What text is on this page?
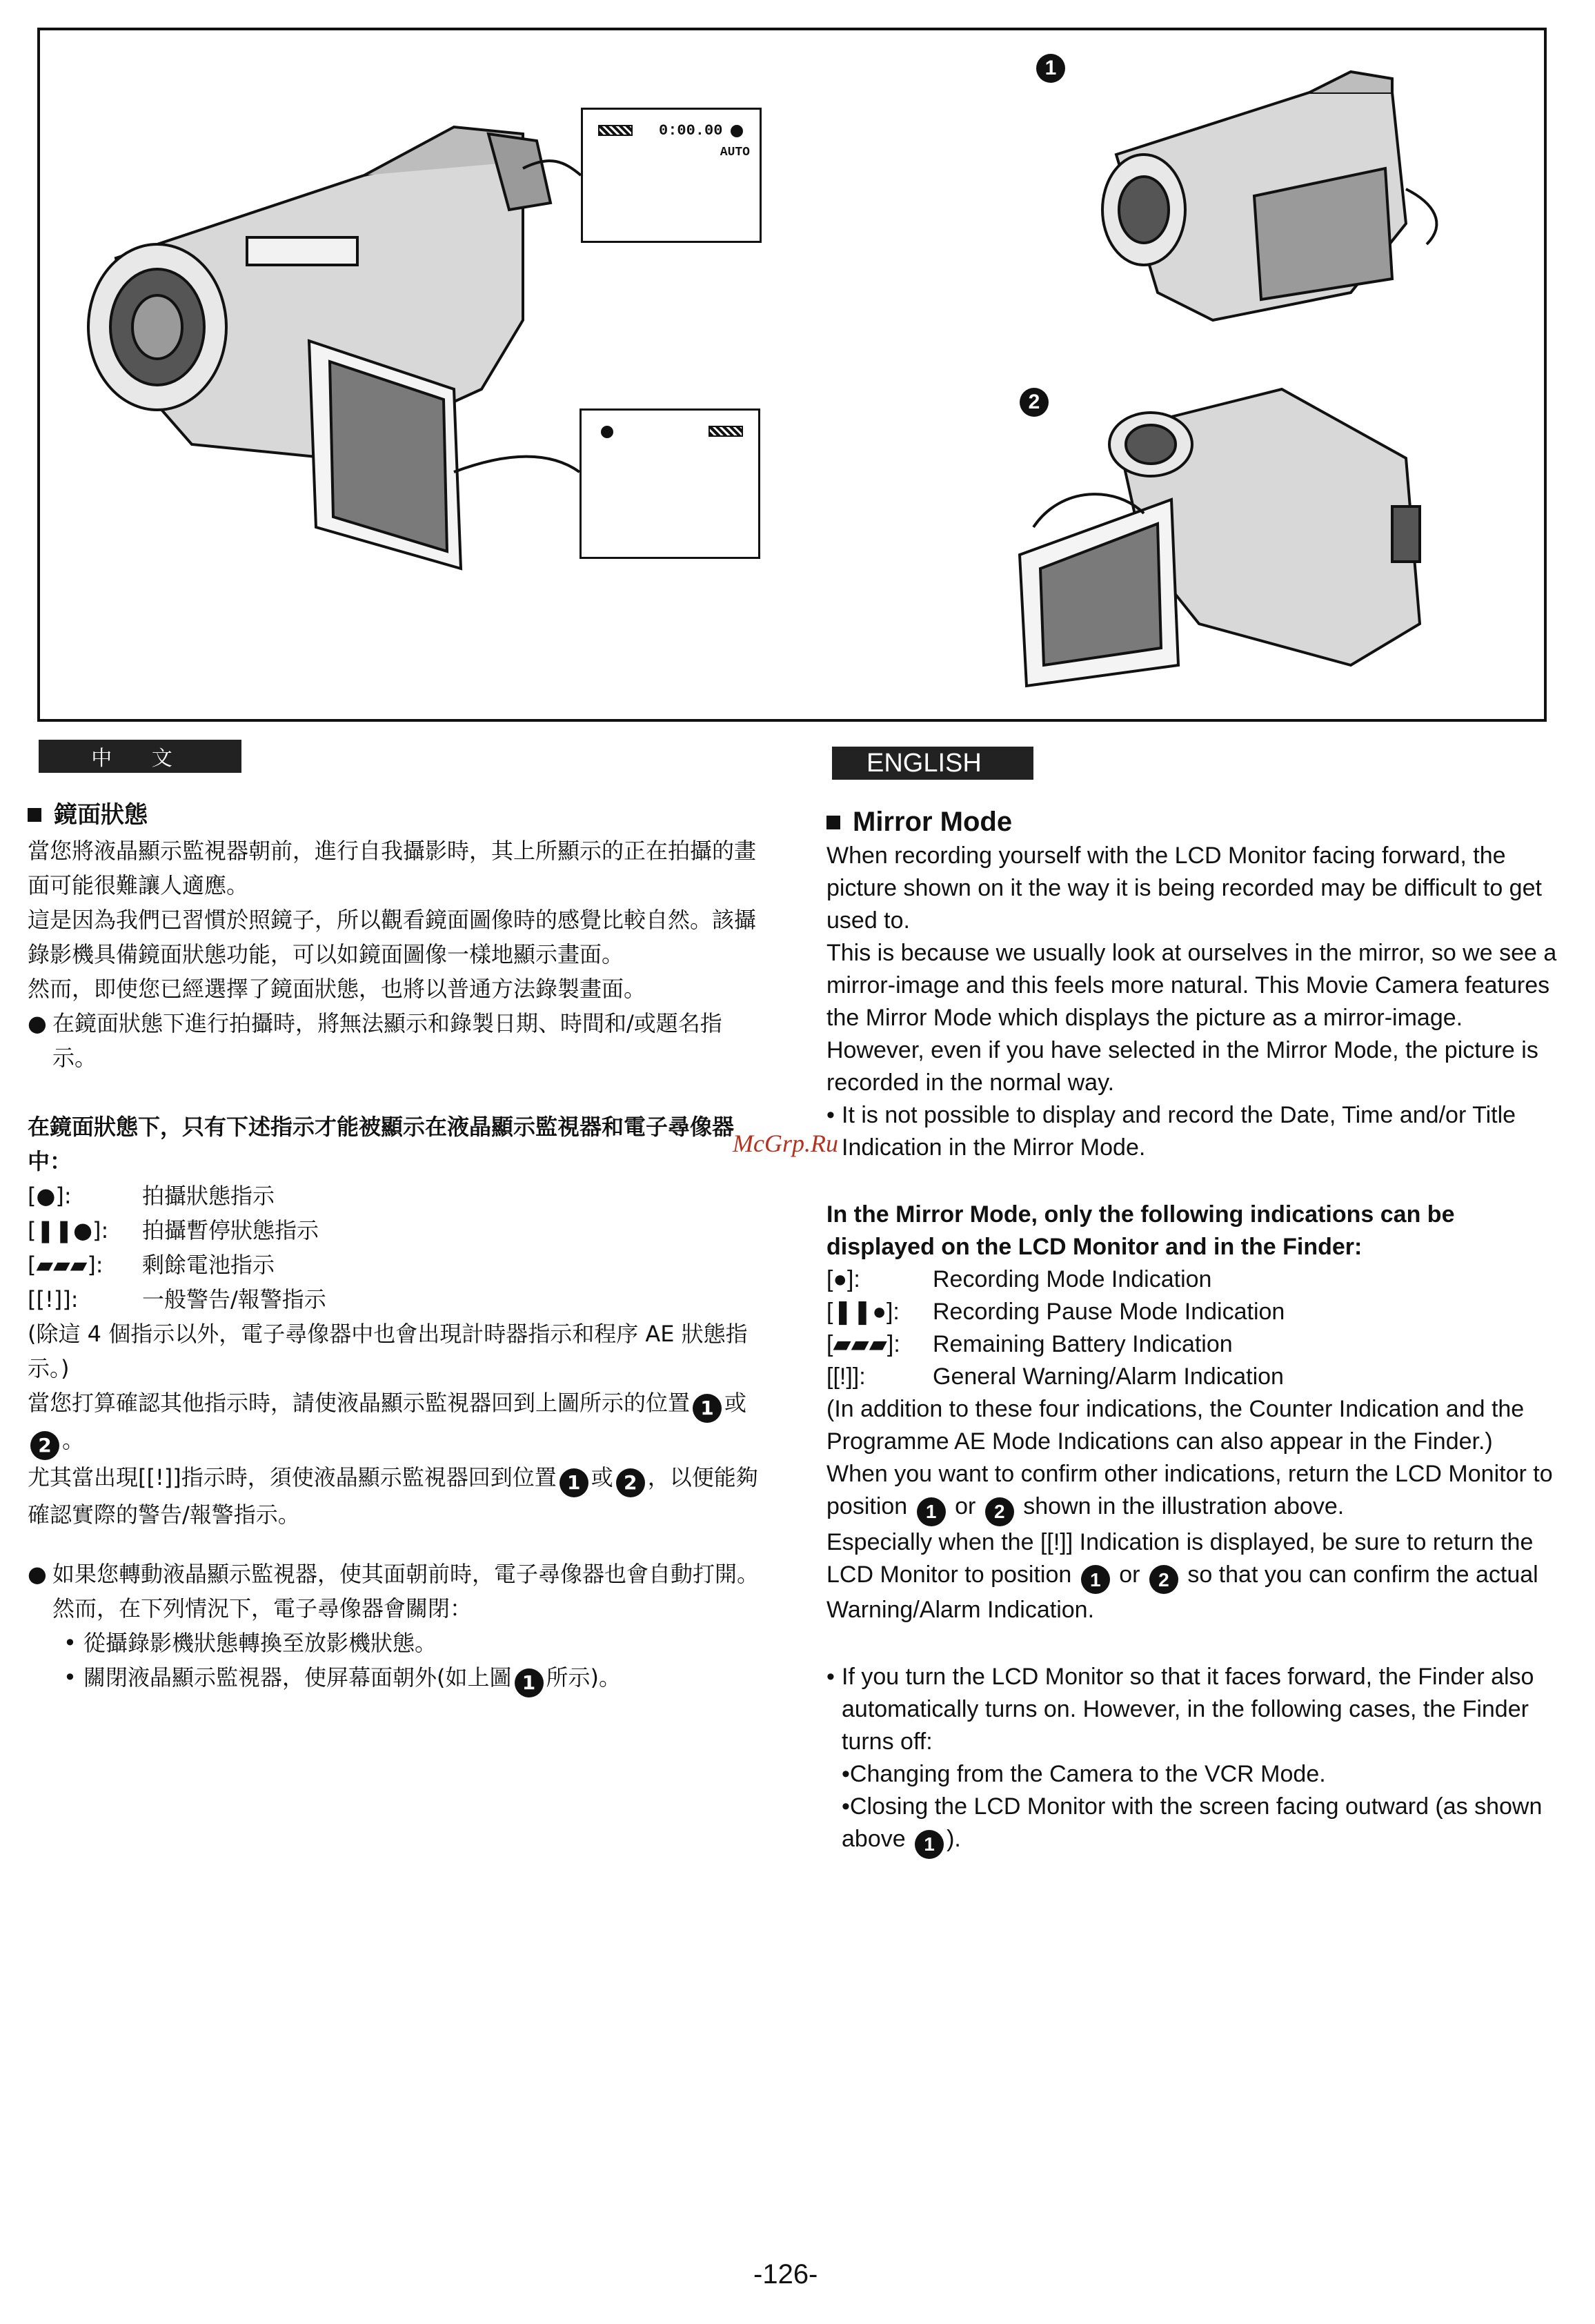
0:00.00
AUTO
1
2
中 文	ENGLISH
鏡面狀態

當您將液晶顯示監視器朝前，進行自我攝影時，其上所顯示的正在拍攝的畫面可能很難讓人適應。

這是因為我們已習慣於照鏡子，所以觀看鏡面圖像時的感覺比較自然。該攝錄影機具備鏡面狀態功能，可以如鏡面圖像一樣地顯示畫面。

然而，即使您已經選擇了鏡面狀態，也將以普通方法錄製畫面。

● 在鏡面狀態下進行拍攝時，將無法顯示和錄製日期、時間和/或題名指示。

在鏡面狀態下，只有下述指示才能被顯示在液晶顯示監視器和電子尋像器中：

[●]:	拍攝狀態指示
[❚❚●]:	拍攝暫停狀態指示
[▰▰▰]:	剩餘電池指示
[[!]]:	一般警告/報警指示

(除這 4 個指示以外，電子尋像器中也會出現計時器指示和程序 AE 狀態指示。)

當您打算確認其他指示時，請使液晶顯示監視器回到上圖所示的位置 1 或2 。

尤其當出現[[!]]指示時，須使液晶顯示監視器回到位置 1 或 2 ，以便能夠確認實際的警告/報警指示。

● 如果您轉動液晶顯示監視器，使其面朝前時，電子尋像器也會自動打開。然而，在下列情況下，電子尋像器會關閉：

• 從攝錄影機狀態轉換至放影機狀態。

• 關閉液晶顯示監視器，使屏幕面朝外(如上圖 1 所示)。

Mirror Mode

When recording yourself with the LCD Monitor facing forward, the picture shown on it the way it is being recorded may be difficult to get used to.

This is because we usually look at ourselves in the mirror, so we see a mirror-image and this feels more natural. This Movie Camera features the Mirror Mode which displays the picture as a mirror-image.

However, even if you have selected in the Mirror Mode, the picture is recorded in the normal way.

• It is not possible to display and record the Date, Time and/or Title Indication in the Mirror Mode.

In the Mirror Mode, only the following indications can be displayed on the LCD Monitor and in the Finder:

[●]:	Recording Mode Indication
[❚❚●]:	Recording Pause Mode Indication
[▰▰▰]:	Remaining Battery Indication
[[!]]:	General Warning/Alarm Indication

(In addition to these four indications, the Counter Indication and the Programme AE Mode Indications can also appear in the Finder.)

When you want to confirm other indications, return the LCD Monitor to position 1 or 2 shown in the illustration above.

Especially when the [[!]] Indication is displayed, be sure to return the LCD Monitor to position 1 or 2 so that you can confirm the actual Warning/Alarm Indication.

• If you turn the LCD Monitor so that it faces forward, the Finder also automatically turns on. However, in the following cases, the Finder turns off:

•Changing from the Camera to the VCR Mode.

•Closing the LCD Monitor with the screen facing outward (as shown above 1 ).

McGrp.Ru
-126-
